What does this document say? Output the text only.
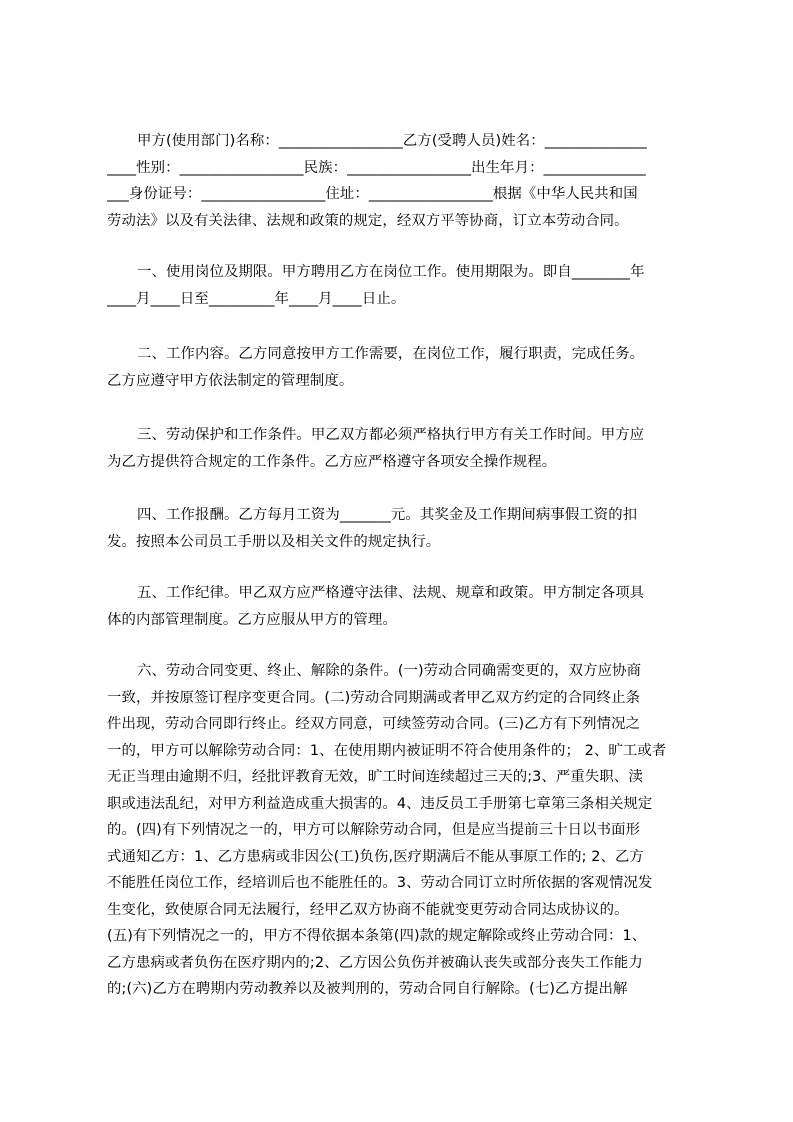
甲方(使用部门)名称：_________________乙方(受聘人员)姓名：______________
____性别：_________________民族：_________________出生年月：______________
___身份证号：_________________住址：_________________根据《中华人民共和国
劳动法》以及有关法律、法规和政策的规定，经双方平等协商，订立本劳动合同。
一、使用岗位及期限。甲方聘用乙方在岗位工作。使用期限为。即自________年
____月____日至_________年____月____日止。
二、工作内容。乙方同意按甲方工作需要，在岗位工作，履行职责，完成任务。
乙方应遵守甲方依法制定的管理制度。
三、劳动保护和工作条件。甲乙双方都必须严格执行甲方有关工作时间。甲方应
为乙方提供符合规定的工作条件。乙方应严格遵守各项安全操作规程。
四、工作报酬。乙方每月工资为_______元。其奖金及工作期间病事假工资的扣
发。按照本公司员工手册以及相关文件的规定执行。
五、工作纪律。甲乙双方应严格遵守法律、法规、规章和政策。甲方制定各项具
体的内部管理制度。乙方应服从甲方的管理。
六、劳动合同变更、终止、解除的条件。(一)劳动合同确需变更的，双方应协商
一致，并按原签订程序变更合同。(二)劳动合同期满或者甲乙双方约定的合同终止条
件出现，劳动合同即行终止。经双方同意，可续签劳动合同。(三)乙方有下列情况之
一的，甲方可以解除劳动合同：1、在使用期内被证明不符合使用条件的； 2、旷工或者
无正当理由逾期不归，经批评教育无效，旷工时间连续超过三天的;3、严重失职、渎
职或违法乱纪，对甲方利益造成重大损害的。4、违反员工手册第七章第三条相关规定
的。(四)有下列情况之一的，甲方可以解除劳动合同，但是应当提前三十日以书面形
式通知乙方：1、乙方患病或非因公(工)负伤,医疗期满后不能从事原工作的; 2、乙方
不能胜任岗位工作，经培训后也不能胜任的。3、劳动合同订立时所依据的客观情况发
生变化，致使原合同无法履行，经甲乙双方协商不能就变更劳动合同达成协议的。
(五)有下列情况之一的，甲方不得依据本条第(四)款的规定解除或终止劳动合同：1、
乙方患病或者负伤在医疗期内的;2、乙方因公负伤并被确认丧失或部分丧失工作能力
的;(六)乙方在聘期内劳动教养以及被判刑的，劳动合同自行解除。(七)乙方提出解
